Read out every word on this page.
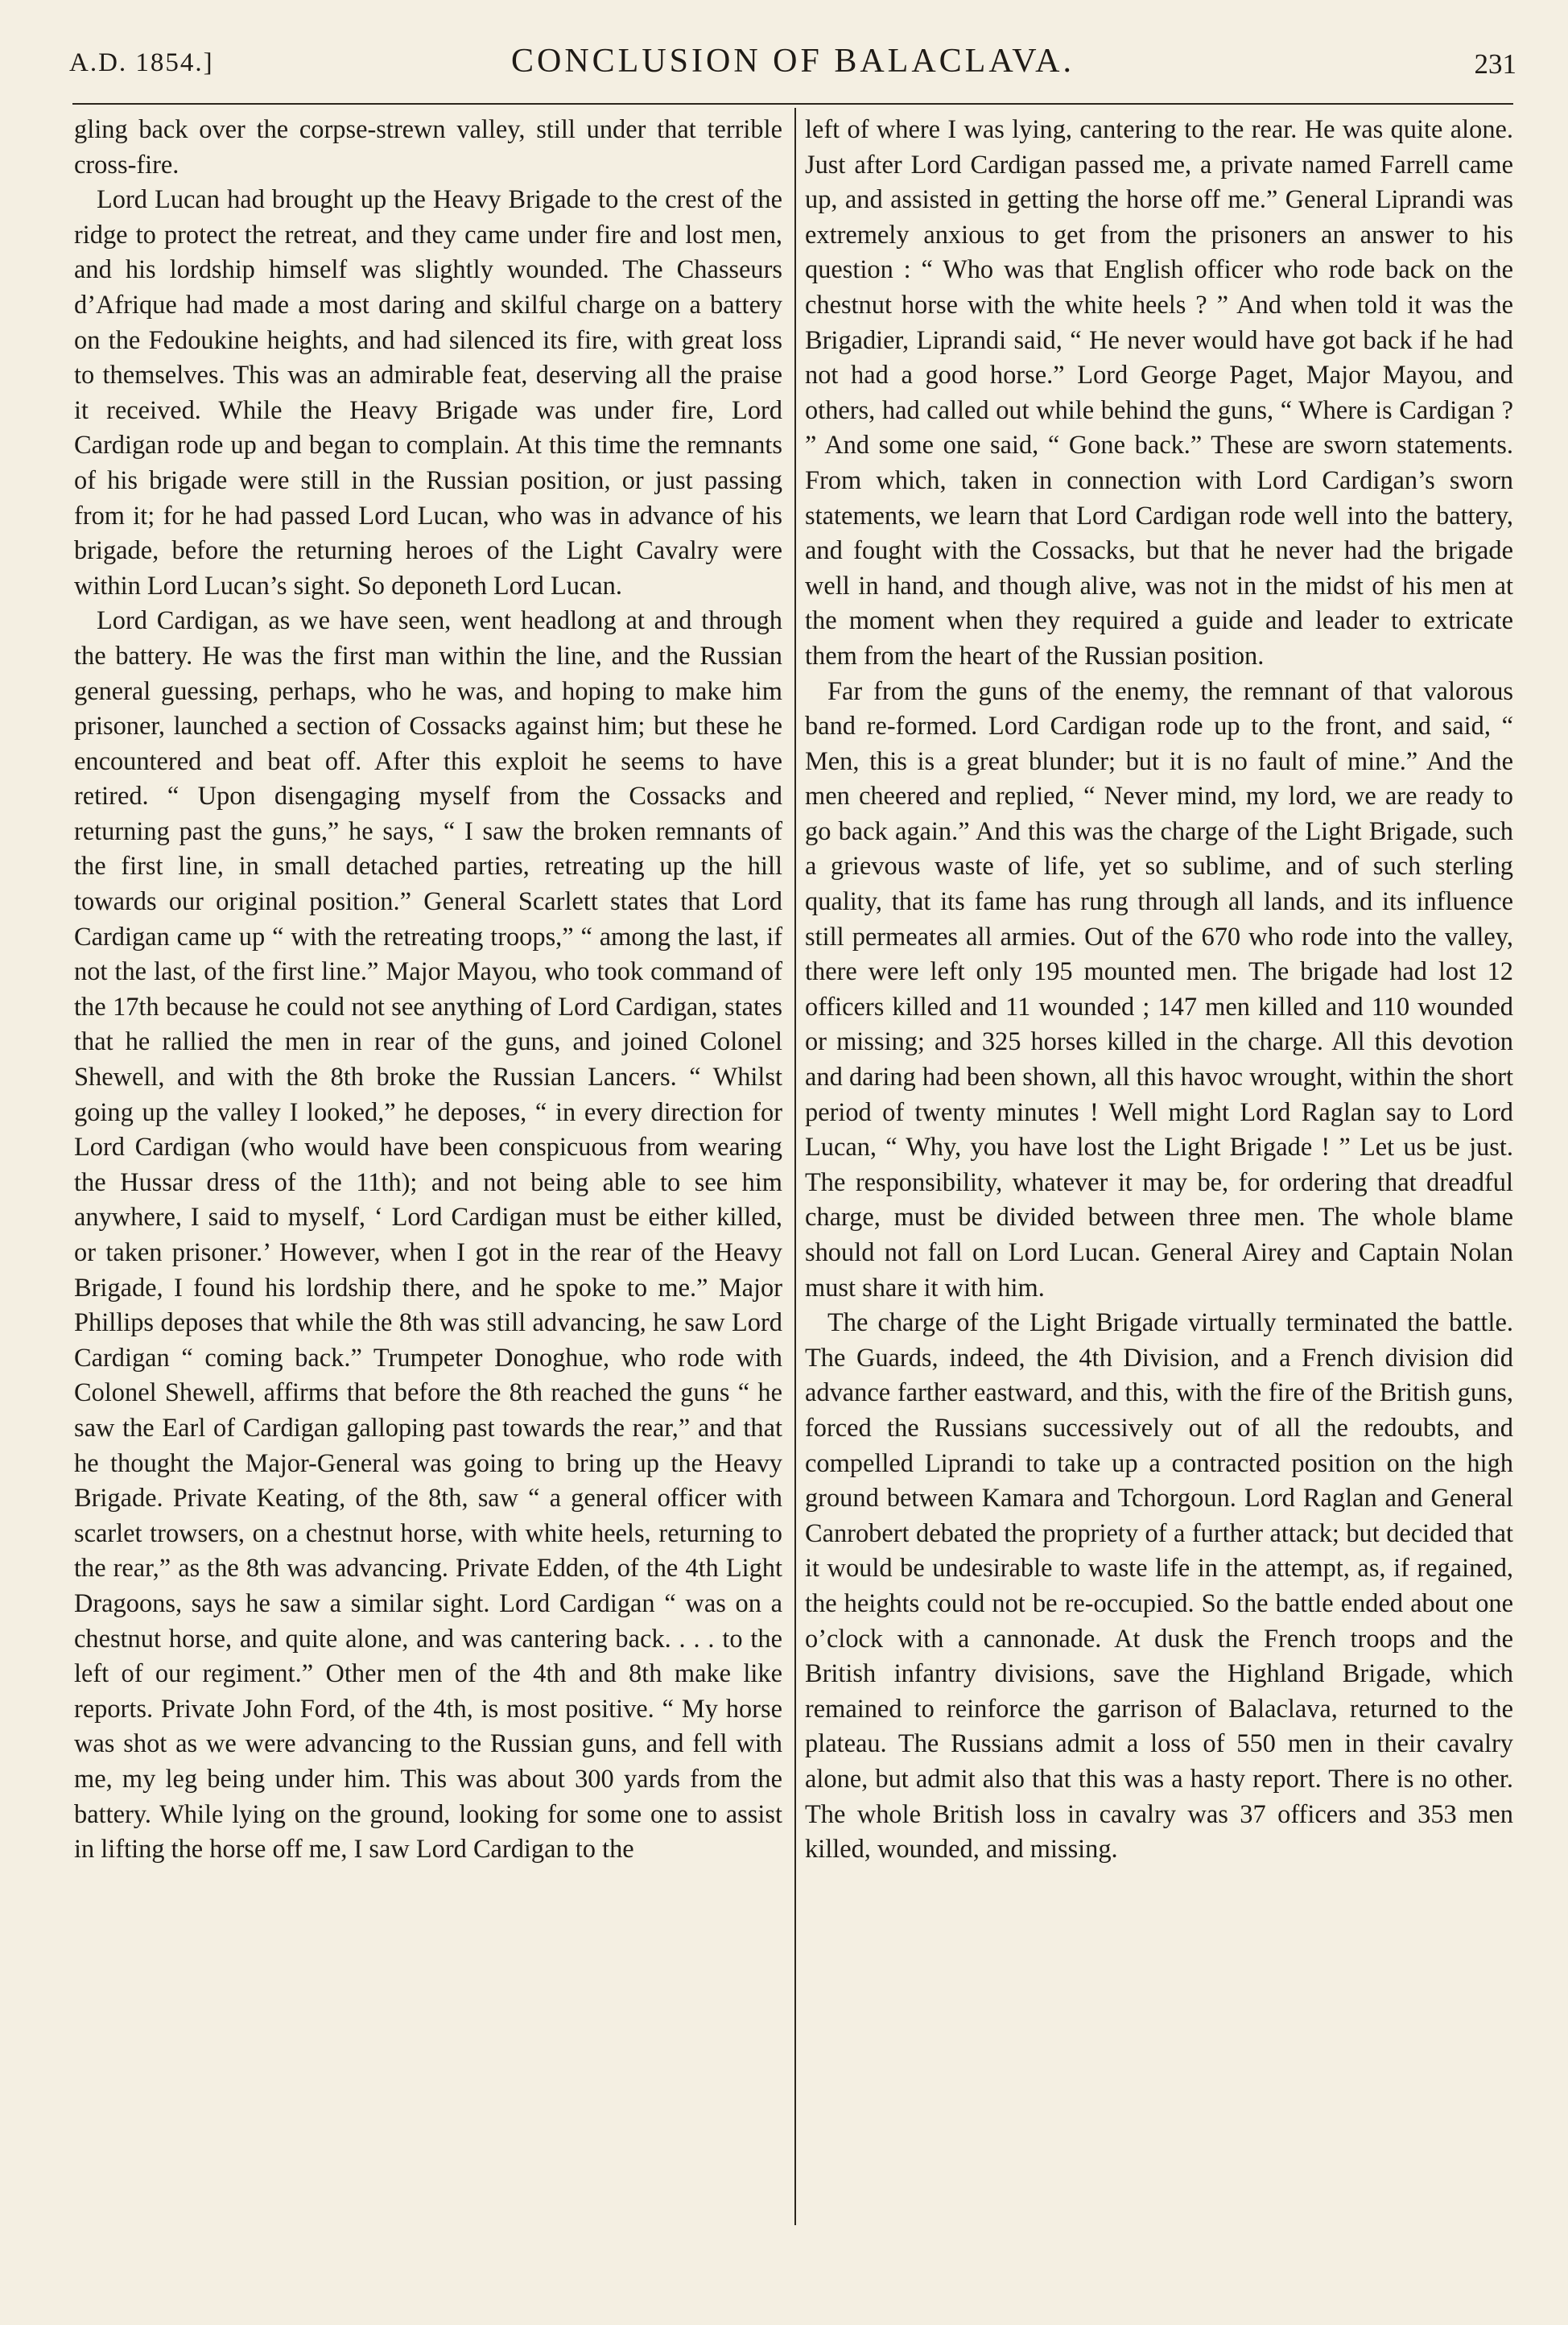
A.D. 1854.]	CONCLUSION OF BALACLAVA.	231

gling back over the corpse-strewn valley, still under that terrible cross-fire.

Lord Lucan had brought up the Heavy Brigade to the crest of the ridge to protect the retreat, and they came under fire and lost men, and his lordship himself was slightly wounded. The Chasseurs d’Afrique had made a most daring and skilful charge on a battery on the Fedoukine heights, and had silenced its fire, with great loss to themselves. This was an admirable feat, deserving all the praise it received. While the Heavy Brigade was under fire, Lord Cardigan rode up and began to complain. At this time the remnants of his brigade were still in the Russian position, or just passing from it; for he had passed Lord Lucan, who was in advance of his brigade, before the returning heroes of the Light Cavalry were within Lord Lucan’s sight. So deponeth Lord Lucan.

Lord Cardigan, as we have seen, went headlong at and through the battery. He was the first man within the line, and the Russian general guessing, perhaps, who he was, and hoping to make him prisoner, launched a section of Cossacks against him; but these he encountered and beat off. After this exploit he seems to have retired. “ Upon disengaging myself from the Cossacks and returning past the guns,” he says, “ I saw the broken remnants of the first line, in small detached parties, retreating up the hill towards our original position.” General Scarlett states that Lord Cardigan came up “ with the retreating troops,” “ among the last, if not the last, of the first line.” Major Mayou, who took command of the 17th because he could not see anything of Lord Cardigan, states that he rallied the men in rear of the guns, and joined Colonel Shewell, and with the 8th broke the Russian Lancers. “ Whilst going up the valley I looked,” he deposes, “ in every direction for Lord Cardigan (who would have been conspicuous from wearing the Hussar dress of the 11th); and not being able to see him anywhere, I said to myself, ‘ Lord Cardigan must be either killed, or taken prisoner.’ However, when I got in the rear of the Heavy Brigade, I found his lordship there, and he spoke to me.” Major Phillips deposes that while the 8th was still advancing, he saw Lord Cardigan “ coming back.” Trumpeter Donoghue, who rode with Colonel Shewell, affirms that before the 8th reached the guns “ he saw the Earl of Cardigan galloping past towards the rear,” and that he thought the Major-General was going to bring up the Heavy Brigade. Private Keating, of the 8th, saw “ a general officer with scarlet trowsers, on a chestnut horse, with white heels, returning to the rear,” as the 8th was advancing. Private Edden, of the 4th Light Dragoons, says he saw a similar sight. Lord Cardigan “ was on a chestnut horse, and quite alone, and was cantering back. . . . to the left of our regiment.” Other men of the 4th and 8th make like reports. Private John Ford, of the 4th, is most positive. “ My horse was shot as we were advancing to the Russian guns, and fell with me, my leg being under him. This was about 300 yards from the battery. While lying on the ground, looking for some one to assist in lifting the horse off me, I saw Lord Cardigan to the

left of where I was lying, cantering to the rear. He was quite alone. Just after Lord Cardigan passed me, a private named Farrell came up, and assisted in getting the horse off me.” General Liprandi was extremely anxious to get from the prisoners an answer to his question : “ Who was that English officer who rode back on the chestnut horse with the white heels ? ” And when told it was the Brigadier, Liprandi said, “ He never would have got back if he had not had a good horse.” Lord George Paget, Major Mayou, and others, had called out while behind the guns, “ Where is Cardigan ? ” And some one said, “ Gone back.” These are sworn statements. From which, taken in connection with Lord Cardigan’s sworn statements, we learn that Lord Cardigan rode well into the battery, and fought with the Cossacks, but that he never had the brigade well in hand, and though alive, was not in the midst of his men at the moment when they required a guide and leader to extricate them from the heart of the Russian position.

Far from the guns of the enemy, the remnant of that valorous band re-formed. Lord Cardigan rode up to the front, and said, “ Men, this is a great blunder; but it is no fault of mine.” And the men cheered and replied, “ Never mind, my lord, we are ready to go back again.” And this was the charge of the Light Brigade, such a grievous waste of life, yet so sublime, and of such sterling quality, that its fame has rung through all lands, and its influence still permeates all armies. Out of the 670 who rode into the valley, there were left only 195 mounted men. The brigade had lost 12 officers killed and 11 wounded ; 147 men killed and 110 wounded or missing; and 325 horses killed in the charge. All this devotion and daring had been shown, all this havoc wrought, within the short period of twenty minutes ! Well might Lord Raglan say to Lord Lucan, “ Why, you have lost the Light Brigade ! ” Let us be just. The responsibility, whatever it may be, for ordering that dreadful charge, must be divided between three men. The whole blame should not fall on Lord Lucan. General Airey and Captain Nolan must share it with him.

The charge of the Light Brigade virtually terminated the battle. The Guards, indeed, the 4th Division, and a French division did advance farther eastward, and this, with the fire of the British guns, forced the Russians successively out of all the redoubts, and compelled Liprandi to take up a contracted position on the high ground between Kamara and Tchorgoun. Lord Raglan and General Canrobert debated the propriety of a further attack; but decided that it would be undesirable to waste life in the attempt, as, if regained, the heights could not be re-occupied. So the battle ended about one o’clock with a cannonade. At dusk the French troops and the British infantry divisions, save the Highland Brigade, which remained to reinforce the garrison of Balaclava, returned to the plateau. The Russians admit a loss of 550 men in their cavalry alone, but admit also that this was a hasty report. There is no other. The whole British loss in cavalry was 37 officers and 353 men killed, wounded, and missing.
